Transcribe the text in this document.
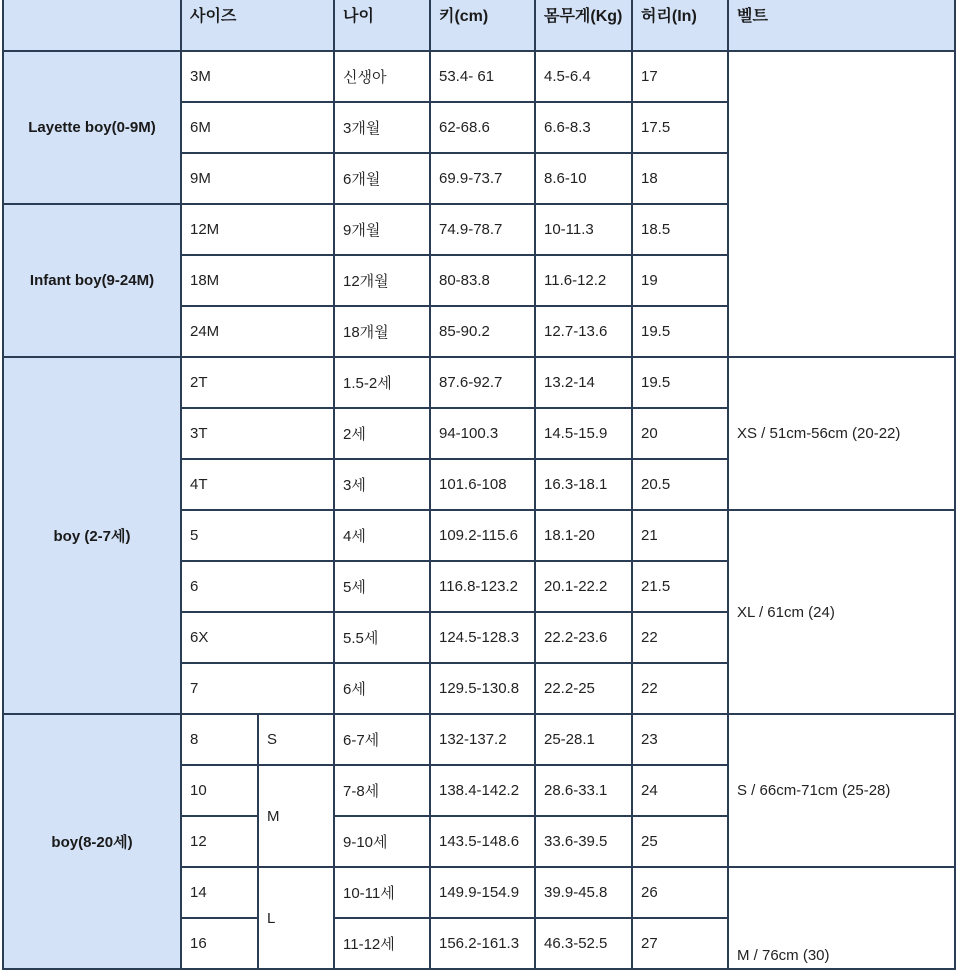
	사이즈		나이	키(cm)	몸무게(Kg)	허리(In)	벨트
Layette boy(0-9M)	3M		신생아	53.4- 61	4.5-6.4	17	
	6M		3개월	62-68.6	6.6-8.3	17.5	
	9M		6개월	69.9-73.7	8.6-10	18	
Infant boy(9-24M)	12M		9개월	74.9-78.7	10-11.3	18.5	
	18M		12개월	80-83.8	11.6-12.2	19	
	24M		18개월	85-90.2	12.7-13.6	19.5	
boy (2-7세)	2T		1.5-2세	87.6-92.7	13.2-14	19.5	XS / 51cm-56cm (20-22)
	3T		2세	94-100.3	14.5-15.9	20	
	4T		3세	101.6-108	16.3-18.1	20.5	
	5		4세	109.2-115.6	18.1-20	21	XL / 61cm (24)
	6		5세	116.8-123.2	20.1-22.2	21.5	
	6X		5.5세	124.5-128.3	22.2-23.6	22	
	7		6세	129.5-130.8	22.2-25	22	
boy(8-20세)	8	S	6-7세	132-137.2	25-28.1	23	S / 66cm-71cm (25-28)
	10	M	7-8세	138.4-142.2	28.6-33.1	24	
	12		9-10세	143.5-148.6	33.6-39.5	25	
	14	L	10-11세	149.9-154.9	39.9-45.8	26	M / 76cm (30)
	16		11-12세	156.2-161.3	46.3-52.5	27	
